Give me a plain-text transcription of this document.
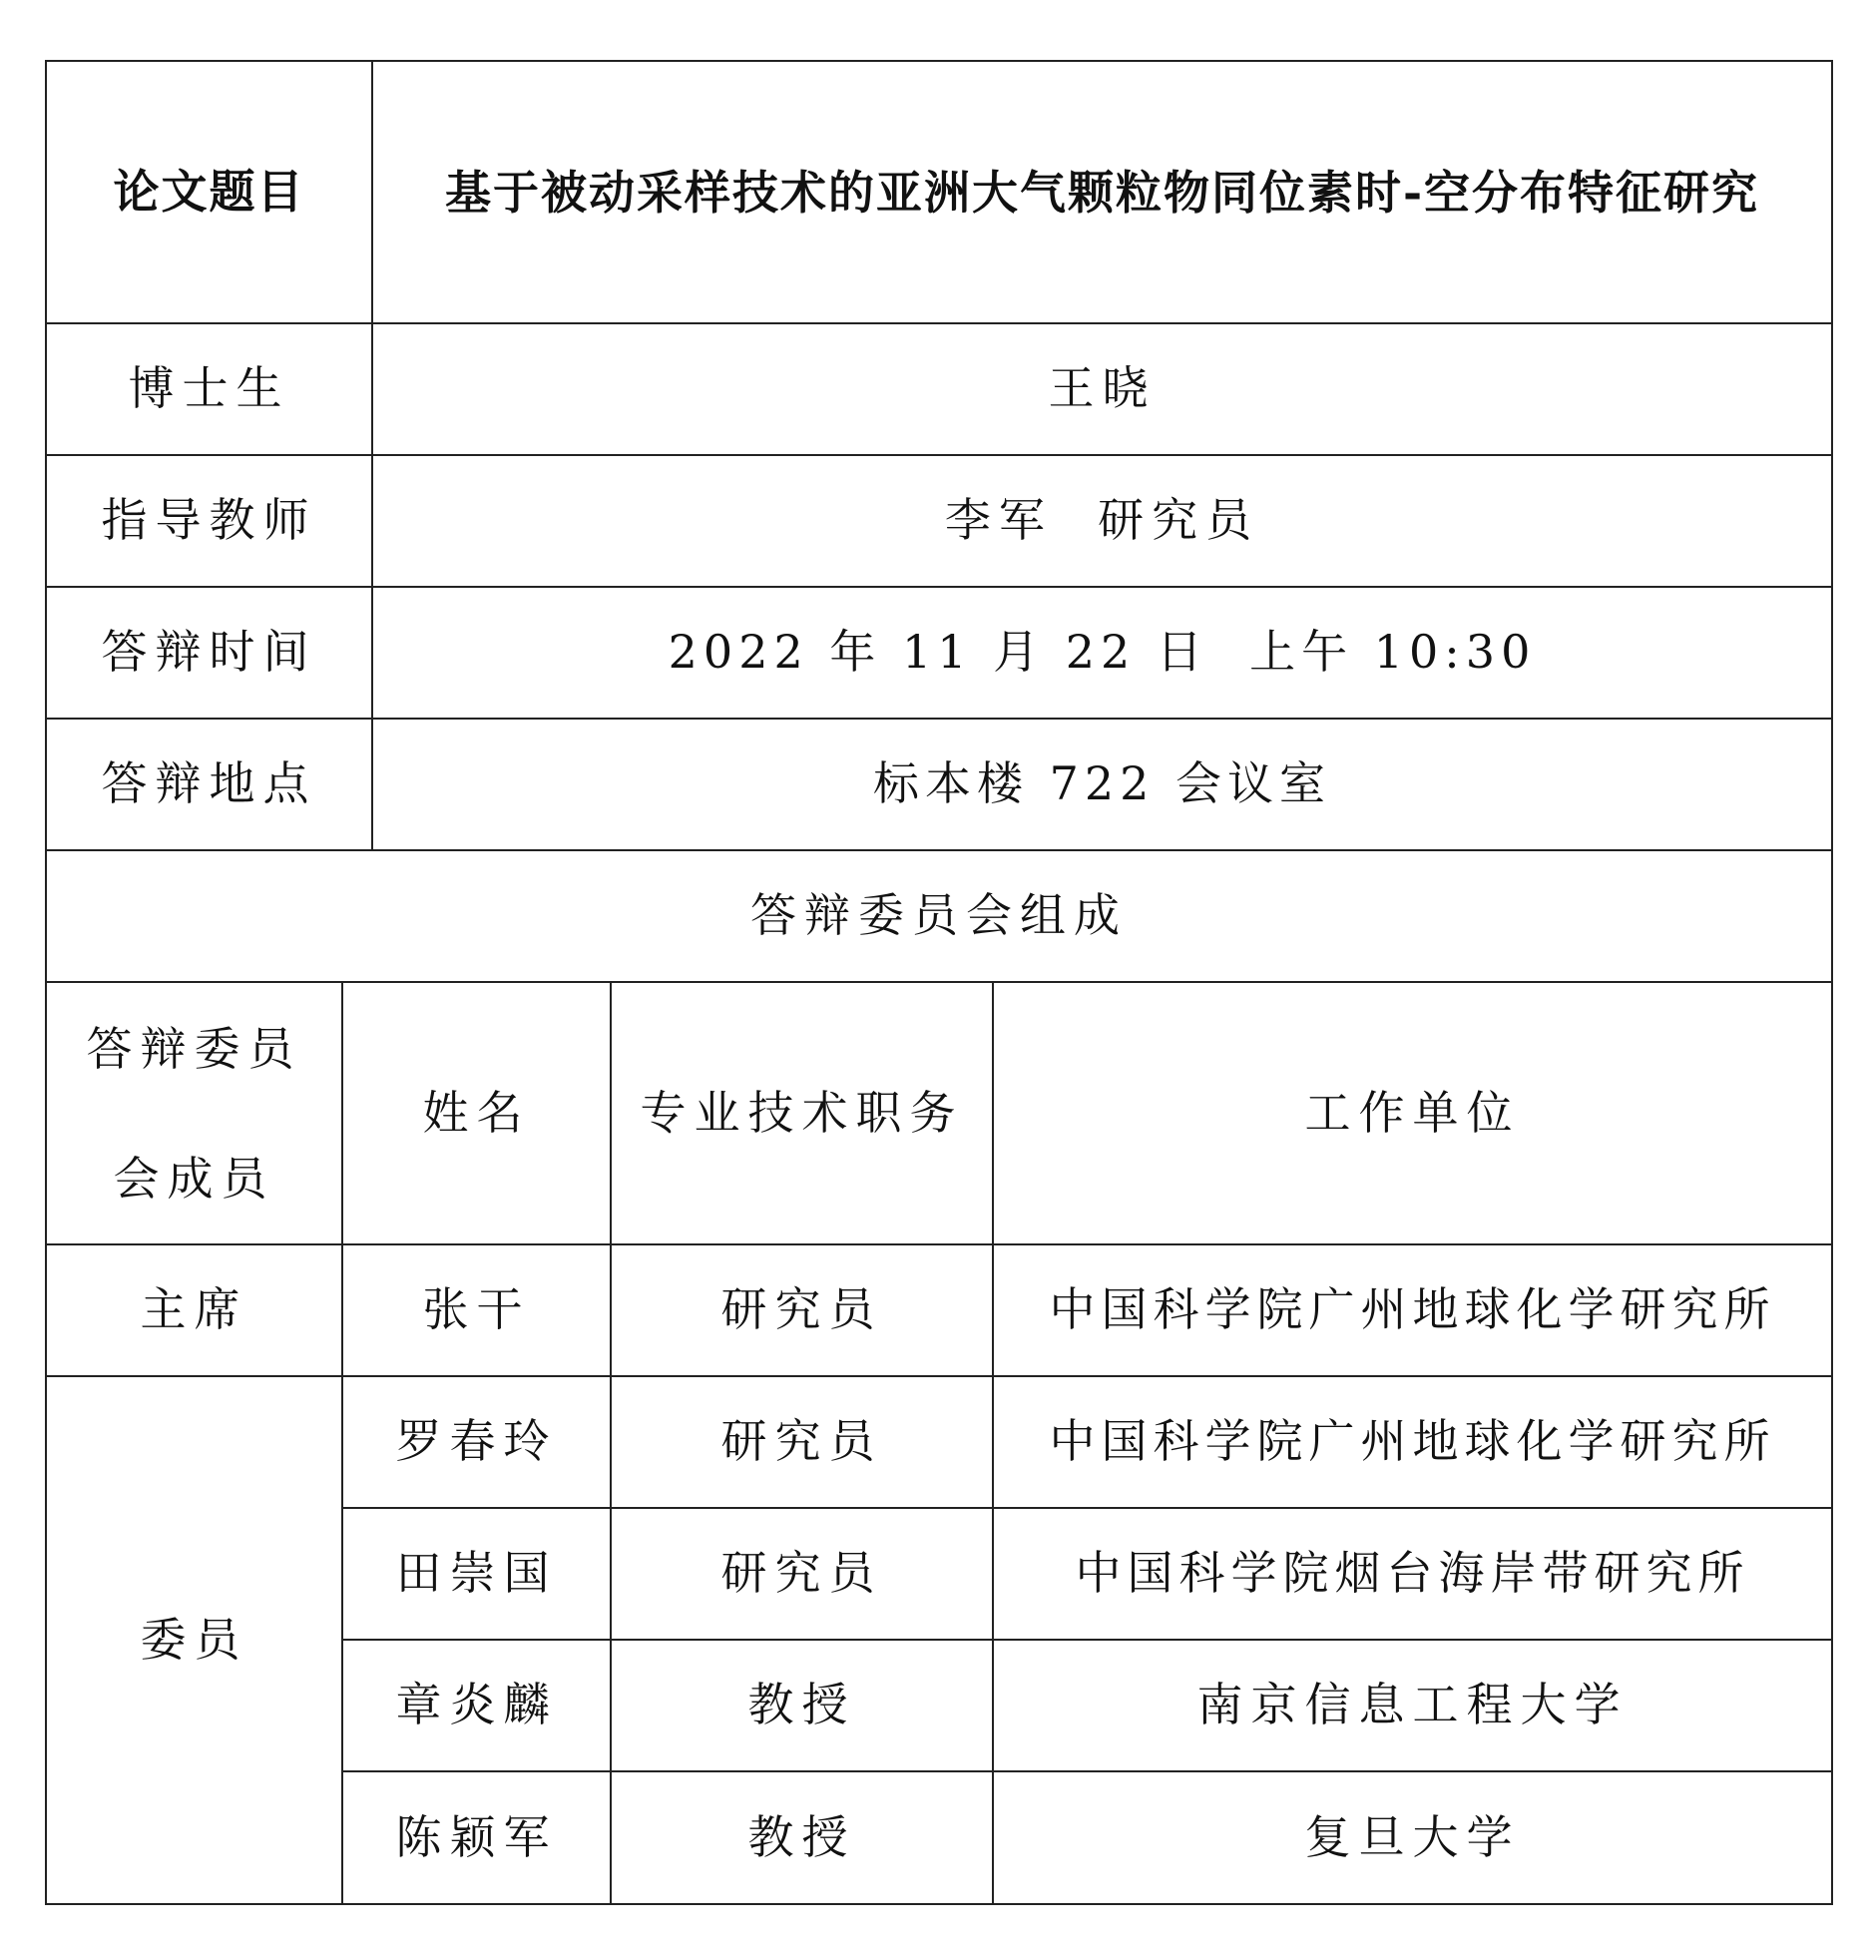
论文题目		基于被动采样技术的亚洲大气颗粒物同位素时-空分布特征研究		
博士生		王晓		
指导教师		李军  研究员		
答辩时间		2022 年 11 月 22 日  上午 10:30		
答辩地点		标本楼 722 会议室		
答辩委员会组成				

答辩委员
会成员	姓名		专业技术职务	工作单位
主席	张干		研究员	中国科学院广州地球化学研究所
委员	罗春玲		研究员	中国科学院广州地球化学研究所
	田崇国		研究员	中国科学院烟台海岸带研究所
	章炎麟		教授	南京信息工程大学
	陈颖军		教授	复旦大学
